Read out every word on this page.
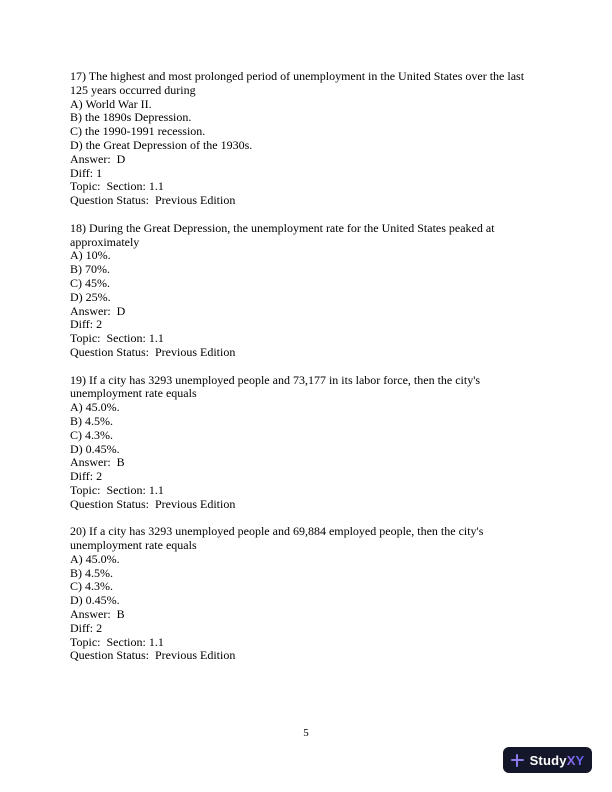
17) The highest and most prolonged period of unemployment in the United States over the last
125 years occurred during
A) World War II.
B) the 1890s Depression.
C) the 1990-1991 recession.
D) the Great Depression of the 1930s.
Answer:  D
Diff: 1
Topic:  Section: 1.1
Question Status:  Previous Edition
18) During the Great Depression, the unemployment rate for the United States peaked at
approximately
A) 10%.
B) 70%.
C) 45%.
D) 25%.
Answer:  D
Diff: 2
Topic:  Section: 1.1
Question Status:  Previous Edition
19) If a city has 3293 unemployed people and 73,177 in its labor force, then the city's
unemployment rate equals
A) 45.0%.
B) 4.5%.
C) 4.3%.
D) 0.45%.
Answer:  B
Diff: 2
Topic:  Section: 1.1
Question Status:  Previous Edition
20) If a city has 3293 unemployed people and 69,884 employed people, then the city's
unemployment rate equals
A) 45.0%.
B) 4.5%.
C) 4.3%.
D) 0.45%.
Answer:  B
Diff: 2
Topic:  Section: 1.1
Question Status:  Previous Edition
5
StudyXY
